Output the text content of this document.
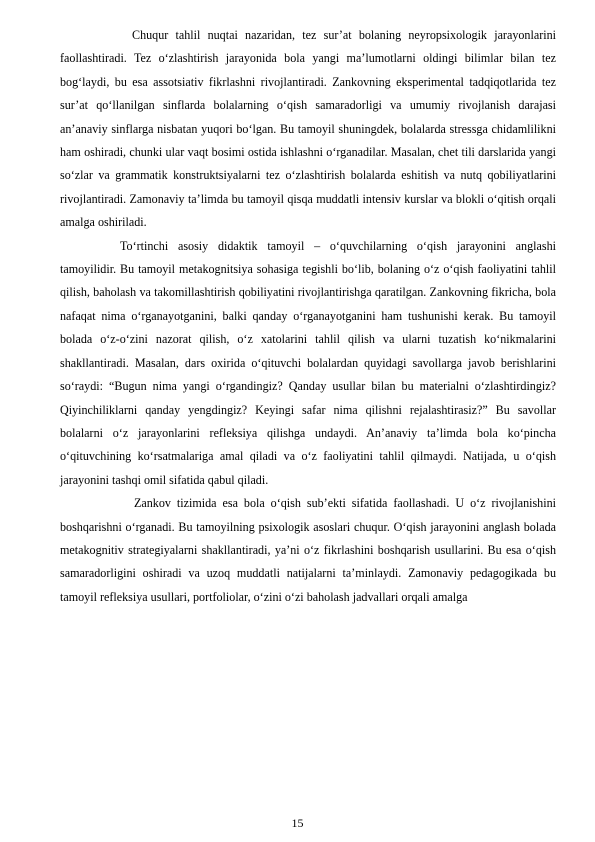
Chuqur tahlil nuqtai nazaridan, tez sur’at bolaning neyropsixologik jarayonlarini faollashtiradi. Tez o‘zlashtirish jarayonida bola yangi ma’lumotlarni oldingi bilimlar bilan tez bog‘laydi, bu esa assotsiativ fikrlashni rivojlantiradi. Zankovning eksperimental tadqiqotlarida tez sur’at qo‘llanilgan sinflarda bolalarning o‘qish samaradorligi va umumiy rivojlanish darajasi an’anaviy sinflarga nisbatan yuqori bo‘lgan. Bu tamoyil shuningdek, bolalarda stressga chidamlilikni ham oshiradi, chunki ular vaqt bosimi ostida ishlashni o‘rganadilar. Masalan, chet tili darslarida yangi so‘zlar va grammatik konstruktsiyalarni tez o‘zlashtirish bolalarda eshitish va nutq qobiliyatlarini rivojlantiradi. Zamonaviy ta’limda bu tamoyil qisqa muddatli intensiv kurslar va blokli o‘qitish orqali amalga oshiriladi.

To‘rtinchi asosiy didaktik tamoyil – o‘quvchilarning o‘qish jarayonini anglashi tamoyilidir. Bu tamoyil metakognitsiya sohasiga tegishli bo‘lib, bolaning o‘z o‘qish faoliyatini tahlil qilish, baholash va takomillashtirish qobiliyatini rivojlantirishga qaratilgan. Zankovning fikricha, bola nafaqat nima o‘rganayotganini, balki qanday o‘rganayotganini ham tushunishi kerak. Bu tamoyil bolada o‘z-o‘zini nazorat qilish, o‘z xatolarini tahlil qilish va ularni tuzatish ko‘nikmalarini shakllantiradi. Masalan, dars oxirida o‘qituvchi bolalardan quyidagi savollarga javob berishlarini so‘raydi: “Bugun nima yangi o‘rgandingiz? Qanday usullar bilan bu materialni o‘zlashtirdingiz? Qiyinchiliklarni qanday yengdingiz? Keyingi safar nima qilishni rejalashtirasiz?” Bu savollar bolalarni o‘z jarayonlarini refleksiya qilishga undaydi. An’anaviy ta’limda bola ko‘pincha o‘qituvchining ko‘rsatmalariga amal qiladi va o‘z faoliyatini tahlil qilmaydi. Natijada, u o‘qish jarayonini tashqi omil sifatida qabul qiladi.

Zankov tizimida esa bola o‘qish sub’ekti sifatida faollashadi. U o‘z rivojlanishini boshqarishni o‘rganadi. Bu tamoyilning psixologik asoslari chuqur. O‘qish jarayonini anglash bolada metakognitiv strategiyalarni shakllantiradi, ya’ni o‘z fikrlashini boshqarish usullarini. Bu esa o‘qish samaradorligini oshiradi va uzoq muddatli natijalarni ta’minlaydi. Zamonaviy pedagogikada bu tamoyil refleksiya usullari, portfoliolar, o‘zini o‘zi baholash jadvallari orqali amalga

15
